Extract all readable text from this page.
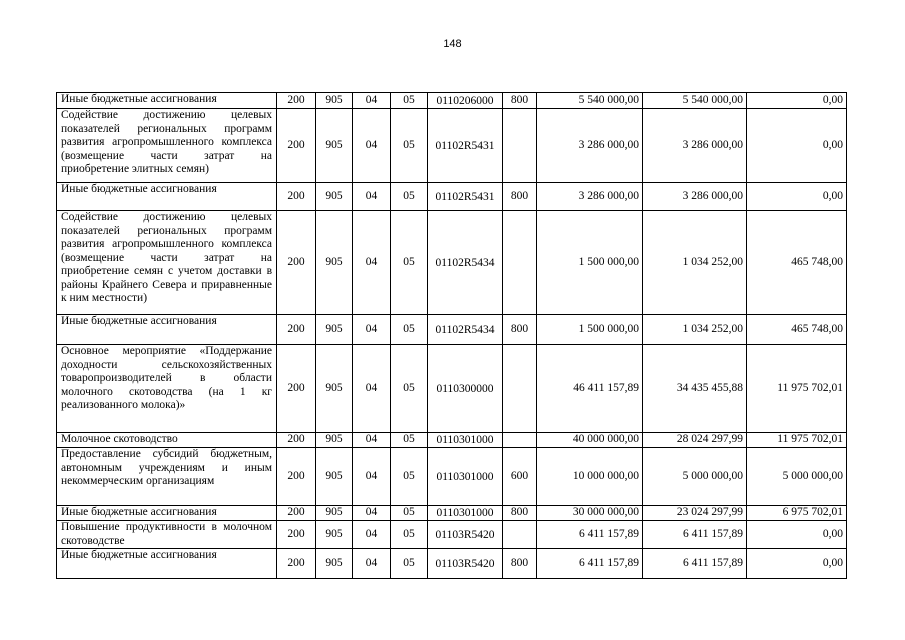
148
Иные бюджетные ассигнования	200	905	04	05	0110206000	800	5 540 000,00	5 540 000,00	0,00
Содействие достижению целевых показателей региональных программ развития агропромышленного комплекса (возмещение части затрат на приобретение элитных семян)	200	905	04	05	01102R5431		3 286 000,00	3 286 000,00	0,00
Иные бюджетные ассигнования	200	905	04	05	01102R5431	800	3 286 000,00	3 286 000,00	0,00
Содействие достижению целевых показателей региональных программ развития агропромышленного комплекса (возмещение части затрат на приобретение семян с учетом доставки в районы Крайнего Севера и приравненные к ним местности)	200	905	04	05	01102R5434		1 500 000,00	1 034 252,00	465 748,00
Иные бюджетные ассигнования	200	905	04	05	01102R5434	800	1 500 000,00	1 034 252,00	465 748,00
Основное мероприятие «Поддержание доходности сельскохозяйственных товаропроизводителей в области молочного скотоводства (на 1 кг реализованного молока)»	200	905	04	05	0110300000		46 411 157,89	34 435 455,88	11 975 702,01
Молочное скотоводство	200	905	04	05	0110301000		40 000 000,00	28 024 297,99	11 975 702,01
Предоставление субсидий бюджетным, автономным учреждениям и иным некоммерческим организациям	200	905	04	05	0110301000	600	10 000 000,00	5 000 000,00	5 000 000,00
Иные бюджетные ассигнования	200	905	04	05	0110301000	800	30 000 000,00	23 024 297,99	6 975 702,01
Повышение продуктивности в молочном скотоводстве	200	905	04	05	01103R5420		6 411 157,89	6 411 157,89	0,00
Иные бюджетные ассигнования	200	905	04	05	01103R5420	800	6 411 157,89	6 411 157,89	0,00
